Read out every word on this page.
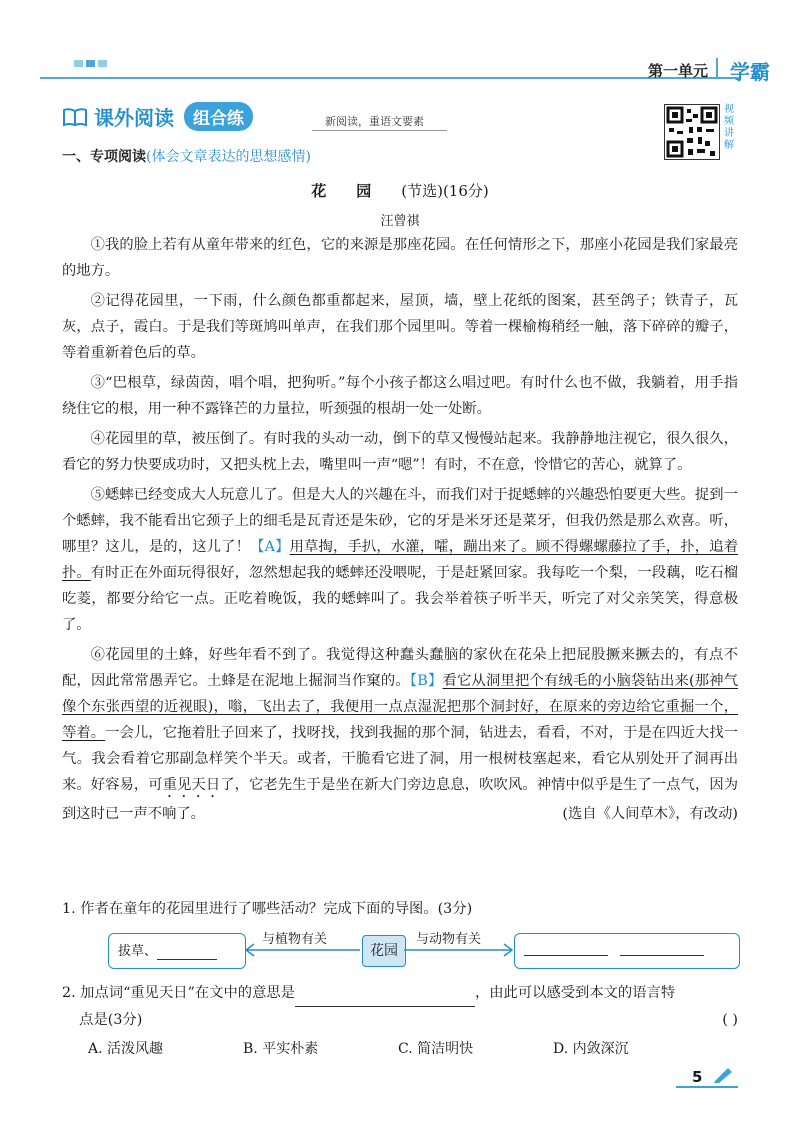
第一单元 学霸
课外阅读	组合练	新阅读，重语文要素
视频讲解
一、专项阅读(体会文章表达的思想感情)
花园(节选)(16分)
汪曾祺

①我的脸上若有从童年带来的红色，它的来源是那座花园。在任何情形之下，那座小花园是我们家最亮的地方。

②记得花园里，一下雨，什么颜色都重都起来，屋顶，墙，壁上花纸的图案，甚至鸽子；铁青子，瓦灰，点子，霞白。于是我们等斑鸠叫单声，在我们那个园里叫。等着一棵榆梅稍经一触，落下碎碎的瓣子，等着重新着色后的草。

③“巴根草，绿茵茵，唱个唱，把狗听。”每个小孩子都这么唱过吧。有时什么也不做，我躺着，用手指绕住它的根，用一种不露锋芒的力量拉，听颈强的根胡一处一处断。

④花园里的草，被压倒了。有时我的头动一动，倒下的草又慢慢站起来。我静静地注视它，很久很久，看它的努力快要成功时，又把头枕上去，嘴里叫一声“嗯”！有时，不在意，怜惜它的苦心，就算了。

⑤蟋蟀已经变成大人玩意儿了。但是大人的兴趣在斗，而我们对于捉蟋蟀的兴趣恐怕要更大些。捉到一个蟋蟀，我不能看出它颈子上的细毛是瓦青还是朱砂，它的牙是米牙还是菜牙，但我仍然是那么欢喜。听，哪里？这儿，是的，这儿了！【A】用草掏，手扒，水灌，嚯，蹦出来了。顾不得螺螺藤拉了手，扑，追着扑。有时正在外面玩得很好，忽然想起我的蟋蟀还没喂呢，于是赶紧回家。我每吃一个梨，一段藕，吃石榴吃菱，都要分给它一点。正吃着晚饭，我的蟋蟀叫了。我会举着筷子听半天，听完了对父亲笑笑，得意极了。

⑥花园里的土蜂，好些年看不到了。我觉得这种蠢头蠢脑的家伙在花朵上把屁股撅来撅去的，有点不配，因此常常愚弄它。土蜂是在泥地上掘洞当作窠的。【B】看它从洞里把个有绒毛的小脑袋钻出来(那神气像个东张西望的近视眼)，嗡，飞出去了，我便用一点点湿泥把那个洞封好，在原来的旁边给它重掘一个，等着。一会儿，它拖着肚子回来了，找呀找，找到我掘的那个洞，钻进去，看看，不对，于是在四近大找一气。我会看着它那副急样笑个半天。或者，干脆看它进了洞，用一根树枝塞起来，看它从别处开了洞再出来。好容易，可重见天日了，它老先生于是坐在新大门旁边息息，吹吹风。神情中似乎是生了一点气，因为到这时已一声不响了。	(选自《人间草木》，有改动)

1. 作者在童年的花园里进行了哪些活动？完成下面的导图。(3分)
拔草、
与植物有关
花园
与动物有关

2. 加点词“重见天日”在文中的意思是	，由此可以感受到本文的语言特
点是(3分)	( )
A. 活泼风趣	B. 平实朴素	C. 简洁明快	D. 内敛深沉
5
